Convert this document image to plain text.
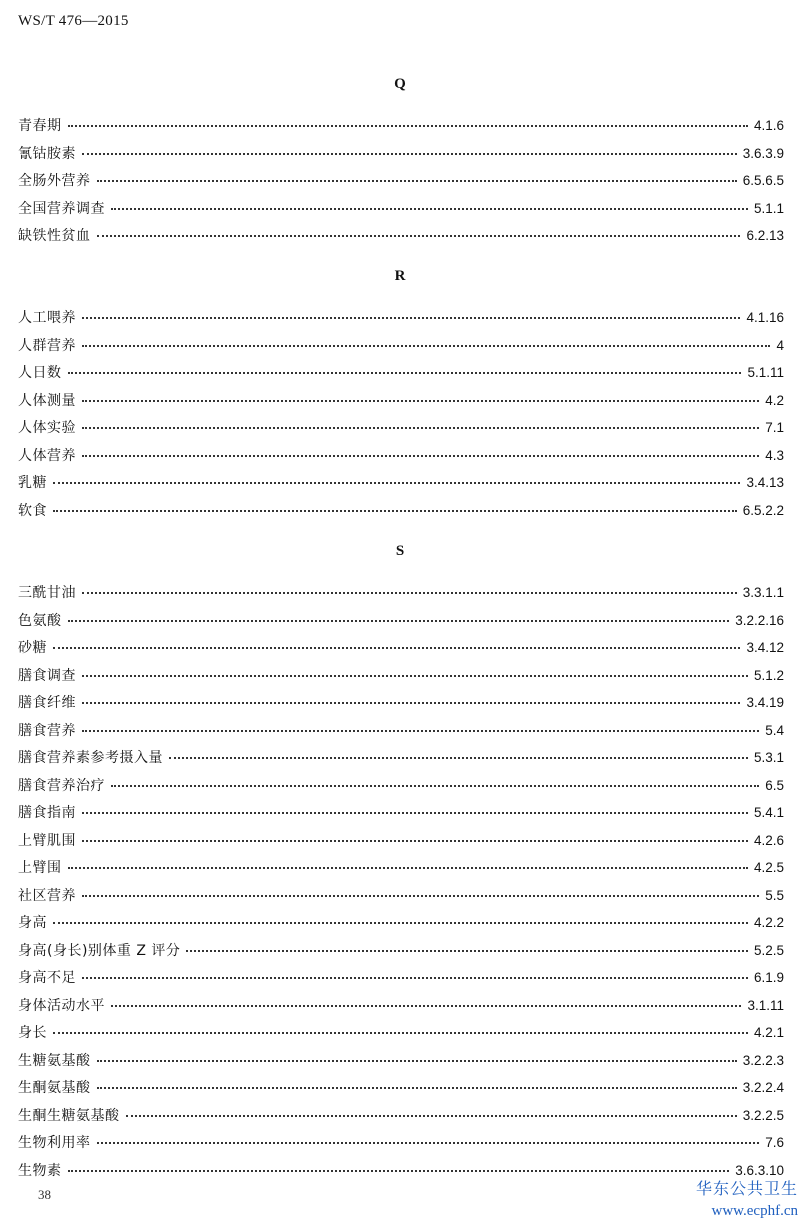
WS/T 476—2015
Q
青春期	4.1.6
氰钴胺素	3.6.3.9
全肠外营养	6.5.6.5
全国营养调查	5.1.1
缺铁性贫血	6.2.13
R
人工喂养	4.1.16
人群营养	4
人日数	5.1.11
人体测量	4.2
人体实验	7.1
人体营养	4.3
乳糖	3.4.13
软食	6.5.2.2
S
三酰甘油	3.3.1.1
色氨酸	3.2.2.16
砂糖	3.4.12
膳食调查	5.1.2
膳食纤维	3.4.19
膳食营养	5.4
膳食营养素参考摄入量	5.3.1
膳食营养治疗	6.5
膳食指南	5.4.1
上臂肌围	4.2.6
上臂围	4.2.5
社区营养	5.5
身高	4.2.2
身高(身长)别体重 Z 评分	5.2.5
身高不足	6.1.9
身体活动水平	3.1.11
身长	4.2.1
生糖氨基酸	3.2.2.3
生酮氨基酸	3.2.2.4
生酮生糖氨基酸	3.2.2.5
生物利用率	7.6
生物素	3.6.3.10
38	华东公共卫生
www.ecphf.cn
